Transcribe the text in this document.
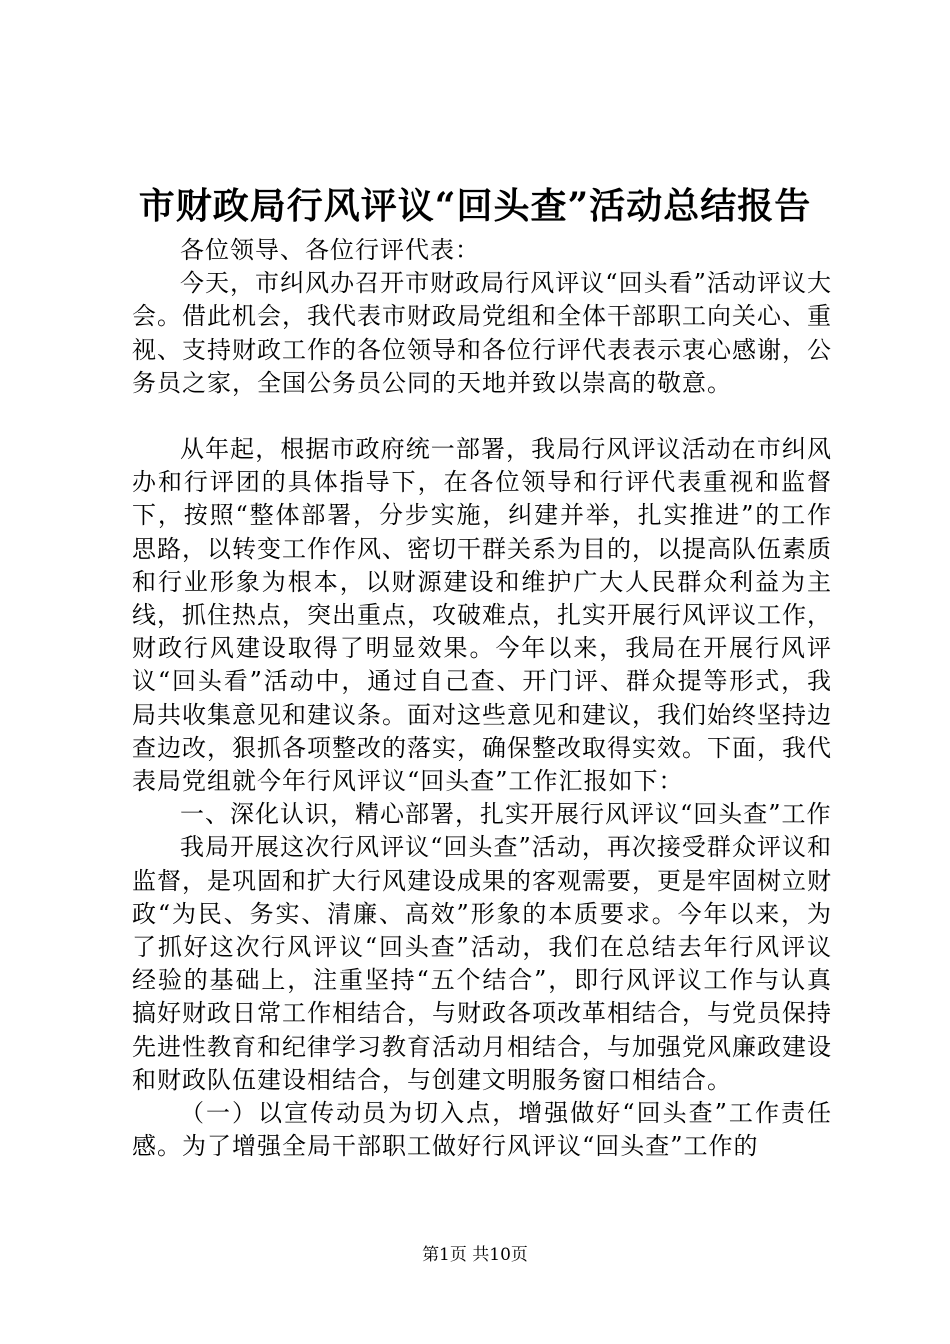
市财政局行风评议“回头查”活动总结报告

各位领导、各位行评代表：

今天，市纠风办召开市财政局行风评议“回头看”活动评议大会。借此机会，我代表市财政局党组和全体干部职工向关心、重视、支持财政工作的各位领导和各位行评代表表示衷心感谢，公务员之家，全国公务员公同的天地并致以崇高的敬意。

从年起，根据市政府统一部署，我局行风评议活动在市纠风办和行评团的具体指导下，在各位领导和行评代表重视和监督下，按照“整体部署，分步实施，纠建并举，扎实推进”的工作思路，以转变工作作风、密切干群关系为目的，以提高队伍素质和行业形象为根本，以财源建设和维护广大人民群众利益为主线，抓住热点，突出重点，攻破难点，扎实开展行风评议工作，财政行风建设取得了明显效果。今年以来，我局在开展行风评议“回头看”活动中，通过自己查、开门评、群众提等形式，我局共收集意见和建议条。面对这些意见和建议，我们始终坚持边查边改，狠抓各项整改的落实，确保整改取得实效。下面，我代表局党组就今年行风评议“回头查”工作汇报如下：

一、深化认识，精心部署，扎实开展行风评议“回头查”工作

我局开展这次行风评议“回头查”活动，再次接受群众评议和监督，是巩固和扩大行风建设成果的客观需要，更是牢固树立财政“为民、务实、清廉、高效”形象的本质要求。今年以来，为了抓好这次行风评议“回头查”活动，我们在总结去年行风评议经验的基础上，注重坚持“五个结合”，即行风评议工作与认真搞好财政日常工作相结合，与财政各项改革相结合，与党员保持先进性教育和纪律学习教育活动月相结合，与加强党风廉政建设和财政队伍建设相结合，与创建文明服务窗口相结合。

（一）以宣传动员为切入点，增强做好“回头查”工作责任感。为了增强全局干部职工做好行风评议“回头查”工作的

第1页 共10页
